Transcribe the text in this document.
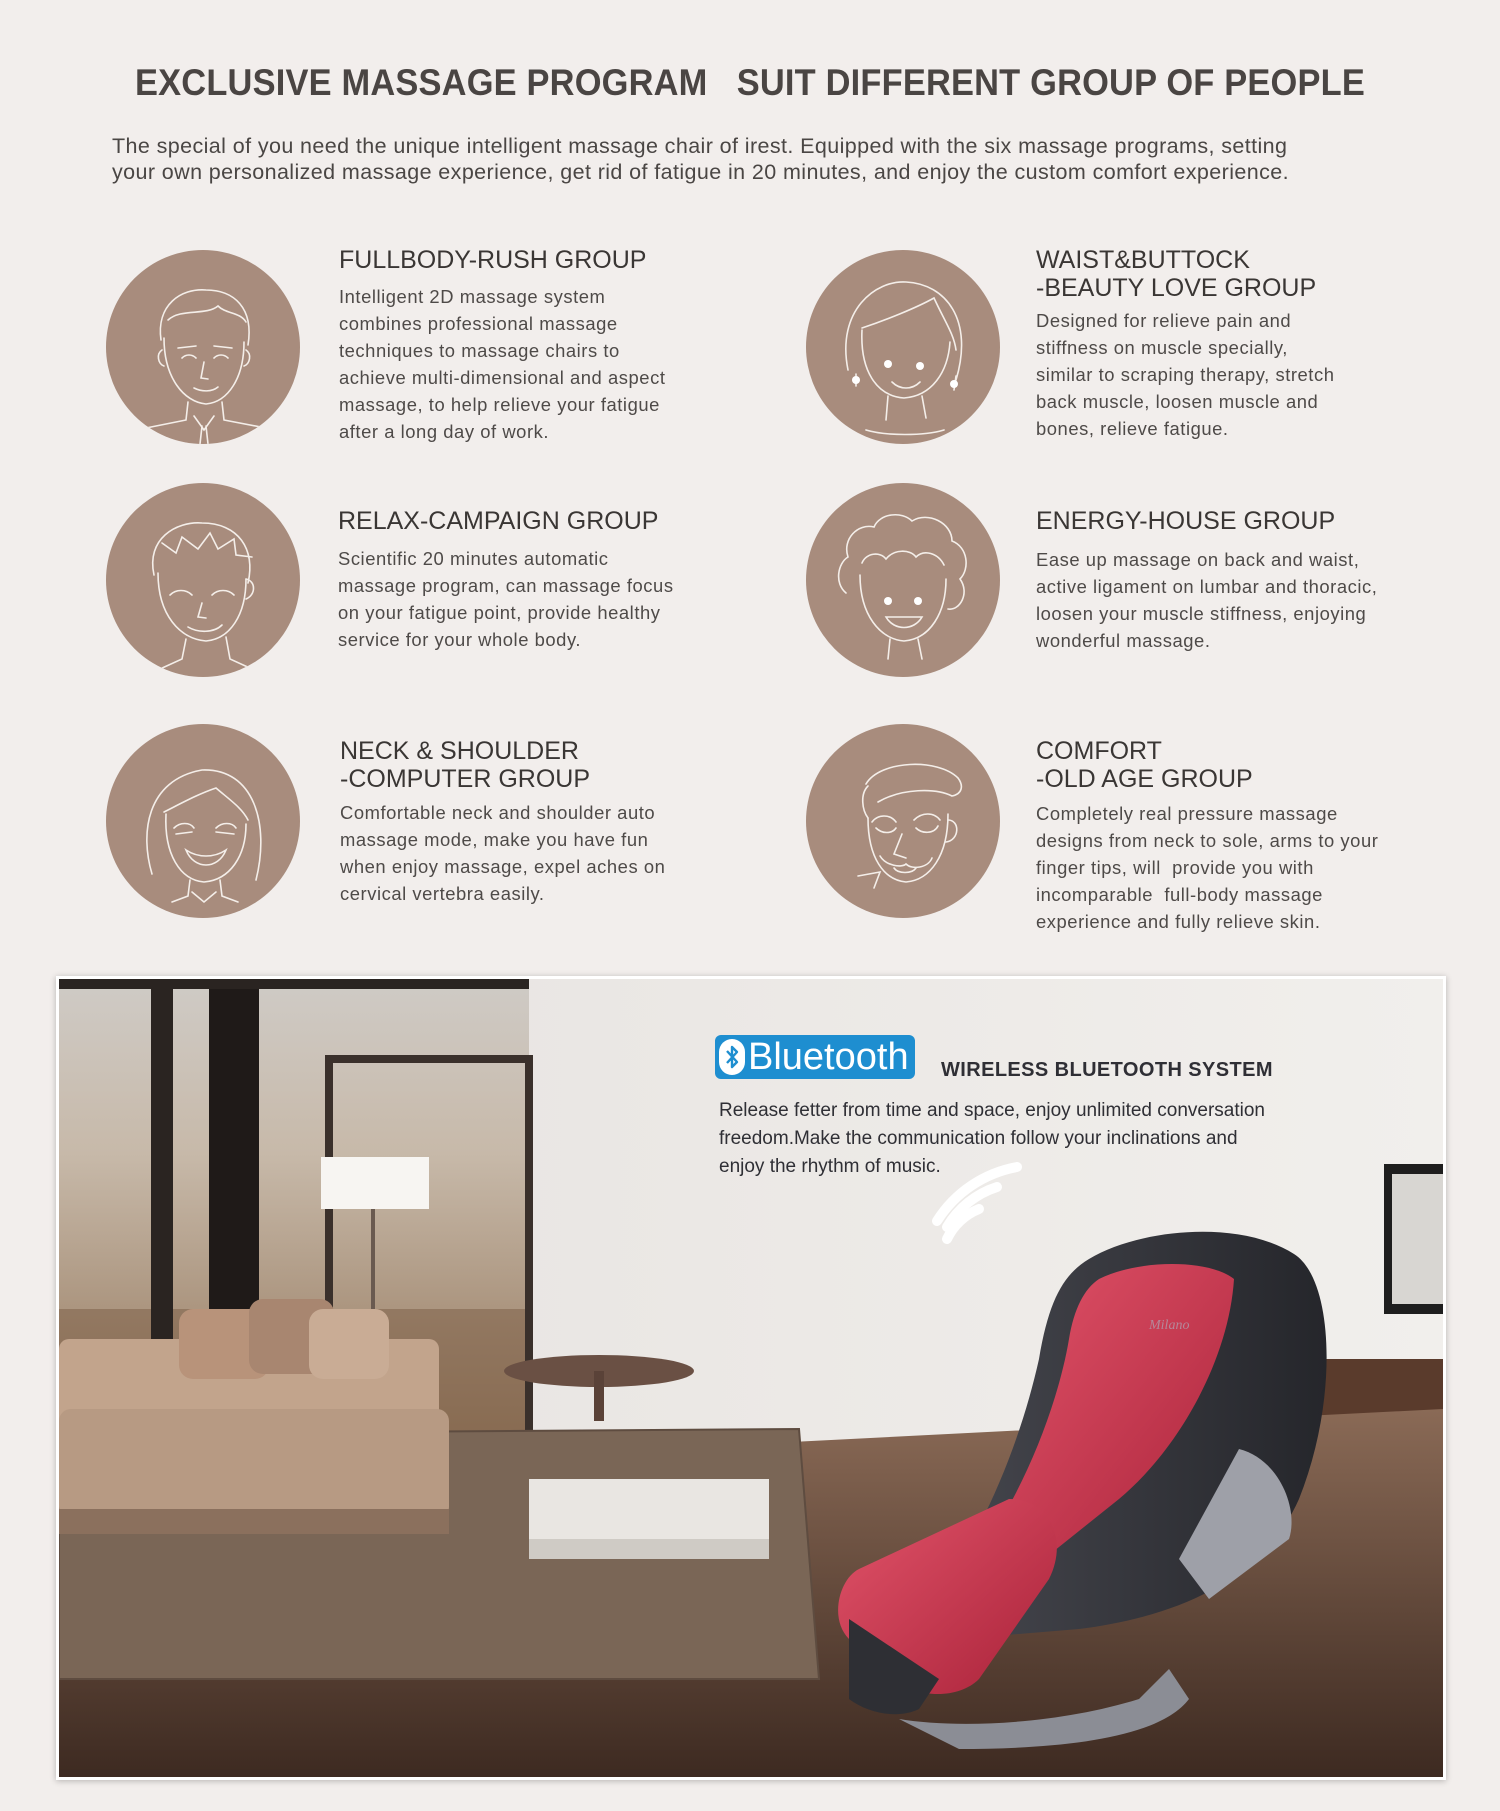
EXCLUSIVE MASSAGE PROGRAM   SUIT DIFFERENT GROUP OF PEOPLE
The special of you need the unique intelligent massage chair of irest. Equipped with the six massage programs, setting
your own personalized massage experience, get rid of fatigue in 20 minutes, and enjoy the custom comfort experience.
FULLBODY-RUSH GROUP
Intelligent 2D massage system
combines professional massage
techniques to massage chairs to
achieve multi-dimensional and aspect
massage, to help relieve your fatigue
after a long day of work.
WAIST&BUTTOCK
-BEAUTY LOVE GROUP
Designed for relieve pain and
stiffness on muscle specially,
similar to scraping therapy, stretch
back muscle, loosen muscle and
bones, relieve fatigue.
RELAX-CAMPAIGN GROUP
Scientific 20 minutes automatic
massage program, can massage focus
on your fatigue point, provide healthy
service for your whole body.
ENERGY-HOUSE GROUP
Ease up massage on back and waist,
active ligament on lumbar and thoracic,
loosen your muscle stiffness, enjoying
wonderful massage.
NECK & SHOULDER
-COMPUTER GROUP
Comfortable neck and shoulder auto
massage mode, make you have fun
when enjoy massage, expel aches on
cervical vertebra easily.
COMFORT
-OLD AGE GROUP
Completely real pressure massage
designs from neck to sole, arms to your
finger tips, will  provide you with
incomparable  full-body massage
experience and fully relieve skin.
Milano
Bluetooth WIRELESS BLUETOOTH SYSTEM
Release fetter from time and space, enjoy unlimited conversation
freedom.Make the communication follow your inclinations and
enjoy the rhythm of music.
